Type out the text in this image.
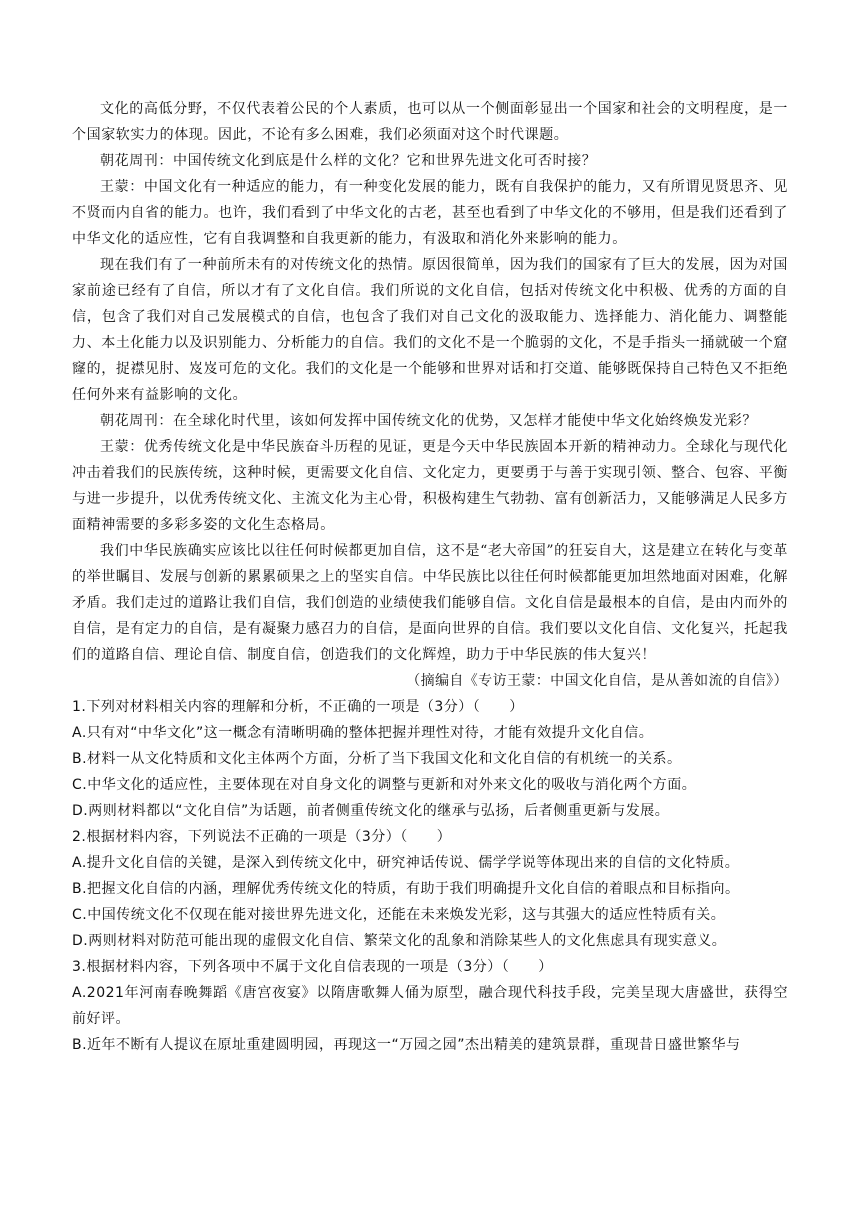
文化的高低分野，不仅代表着公民的个人素质，也可以从一个侧面彰显出一个国家和社会的文明程度，是一个国家软实力的体现。因此，不论有多么困难，我们必须面对这个时代课题。

朝花周刊：中国传统文化到底是什么样的文化？它和世界先进文化可否时接？

王蒙：中国文化有一种适应的能力，有一种变化发展的能力，既有自我保护的能力，又有所谓见贤思齐、见不贤而内自省的能力。也许，我们看到了中华文化的古老，甚至也看到了中华文化的不够用，但是我们还看到了中华文化的适应性，它有自我调整和自我更新的能力，有汲取和消化外来影响的能力。

现在我们有了一种前所未有的对传统文化的热情。原因很简单，因为我们的国家有了巨大的发展，因为对国家前途已经有了自信，所以才有了文化自信。我们所说的文化自信，包括对传统文化中积极、优秀的方面的自信，包含了我们对自己发展模式的自信，也包含了我们对自己文化的汲取能力、选择能力、消化能力、调整能力、本土化能力以及识别能力、分析能力的自信。我们的文化不是一个脆弱的文化，不是手指头一捅就破一个窟窿的，捉襟见肘、岌岌可危的文化。我们的文化是一个能够和世界对话和打交道、能够既保持自己特色又不拒绝任何外来有益影响的文化。

朝花周刊：在全球化时代里，该如何发挥中国传统文化的优势，又怎样才能使中华文化始终焕发光彩？

王蒙：优秀传统文化是中华民族奋斗历程的见证，更是今天中华民族固本开新的精神动力。全球化与现代化冲击着我们的民族传统，这种时候，更需要文化自信、文化定力，更要勇于与善于实现引领、整合、包容、平衡与进一步提升，以优秀传统文化、主流文化为主心骨，积极构建生气勃勃、富有创新活力，又能够满足人民多方面精神需要的多彩多姿的文化生态格局。

我们中华民族确实应该比以往任何时候都更加自信，这不是“老大帝国”的狂妄自大，这是建立在转化与变革的举世瞩目、发展与创新的累累硕果之上的坚实自信。中华民族比以往任何时候都能更加坦然地面对困难，化解矛盾。我们走过的道路让我们自信，我们创造的业绩使我们能够自信。文化自信是最根本的自信，是由内而外的自信，是有定力的自信，是有凝聚力感召力的自信，是面向世界的自信。我们要以文化自信、文化复兴，托起我们的道路自信、理论自信、制度自信，创造我们的文化辉煌，助力于中华民族的伟大复兴！

（摘编自《专访王蒙：中国文化自信，是从善如流的自信》）

1.下列对材料相关内容的理解和分析，不正确的一项是（3分）（　　）

A.只有对“中华文化”这一概念有清晰明确的整体把握并理性对待，才能有效提升文化自信。

B.材料一从文化特质和文化主体两个方面，分析了当下我国文化和文化自信的有机统一的关系。

C.中华文化的适应性，主要体现在对自身文化的调整与更新和对外来文化的吸收与消化两个方面。

D.两则材料都以“文化自信”为话题，前者侧重传统文化的继承与弘扬，后者侧重更新与发展。

2.根据材料内容，下列说法不正确的一项是（3分）（　　）

A.提升文化自信的关键，是深入到传统文化中，研究神话传说、儒学学说等体现出来的自信的文化特质。

B.把握文化自信的内涵，理解优秀传统文化的特质，有助于我们明确提升文化自信的着眼点和目标指向。

C.中国传统文化不仅现在能对接世界先进文化，还能在未来焕发光彩，这与其强大的适应性特质有关。

D.两则材料对防范可能出现的虚假文化自信、繁荣文化的乱象和消除某些人的文化焦虑具有现实意义。

3.根据材料内容，下列各项中不属于文化自信表现的一项是（3分）（　　）

A.2021年河南春晚舞蹈《唐宫夜宴》以隋唐歌舞人俑为原型，融合现代科技手段，完美呈现大唐盛世，获得空前好评。

B.近年不断有人提议在原址重建圆明园，再现这一“万园之园”杰出精美的建筑景群，重现昔日盛世繁华与
